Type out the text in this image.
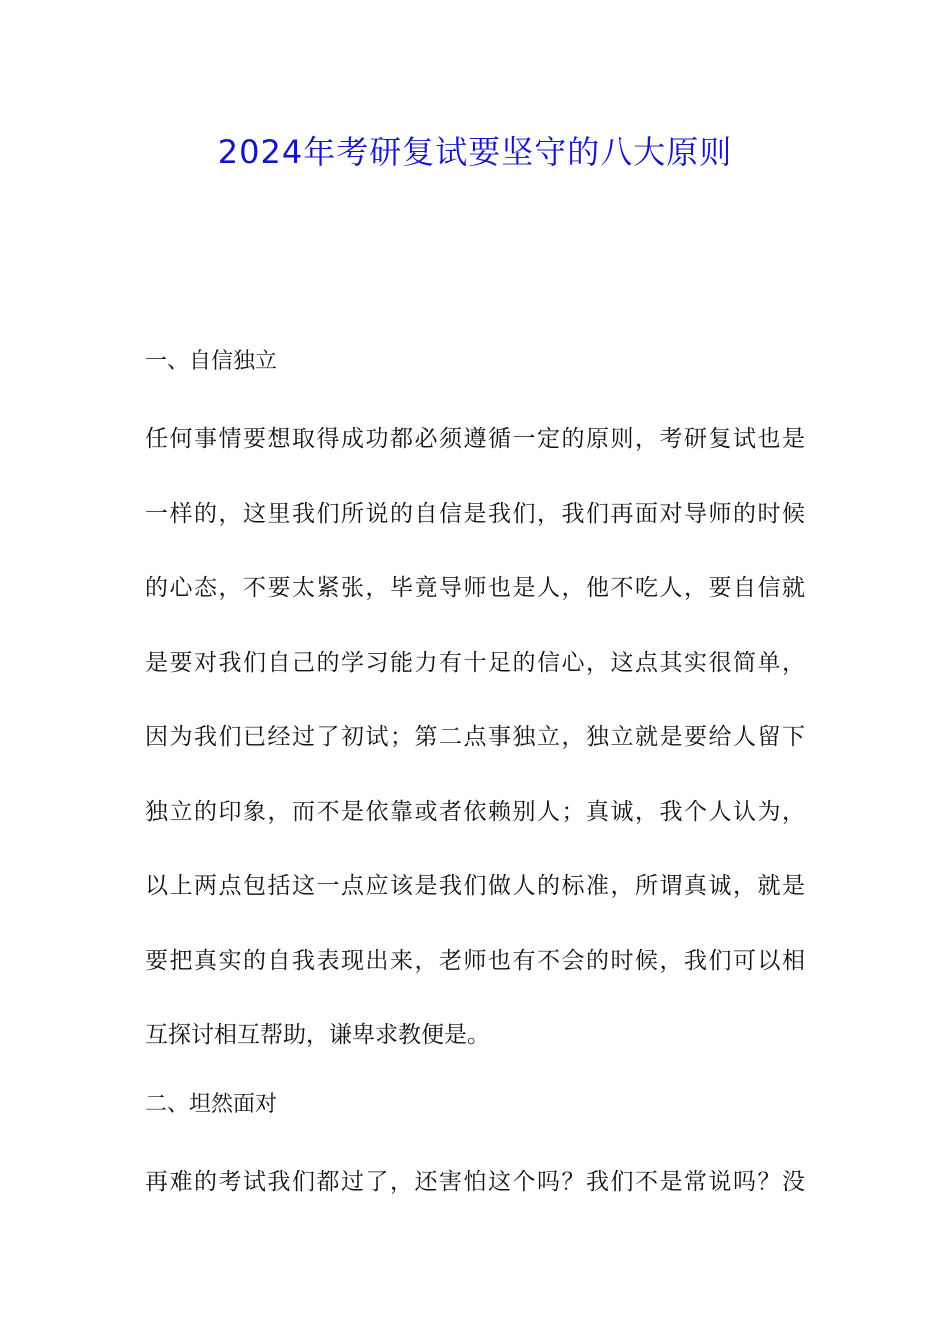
2024年考研复试要坚守的八大原则
一、自信独立
任何事情要想取得成功都必须遵循一定的原则，考研复试也是
一样的，这里我们所说的自信是我们，我们再面对导师的时候
的心态，不要太紧张，毕竟导师也是人，他不吃人，要自信就
是要对我们自己的学习能力有十足的信心，这点其实很简单，
因为我们已经过了初试；第二点事独立，独立就是要给人留下
独立的印象，而不是依靠或者依赖别人；真诚，我个人认为，
以上两点包括这一点应该是我们做人的标准，所谓真诚，就是
要把真实的自我表现出来，老师也有不会的时候，我们可以相
互探讨相互帮助，谦卑求教便是。
二、坦然面对
再难的考试我们都过了，还害怕这个吗？我们不是常说吗？没
